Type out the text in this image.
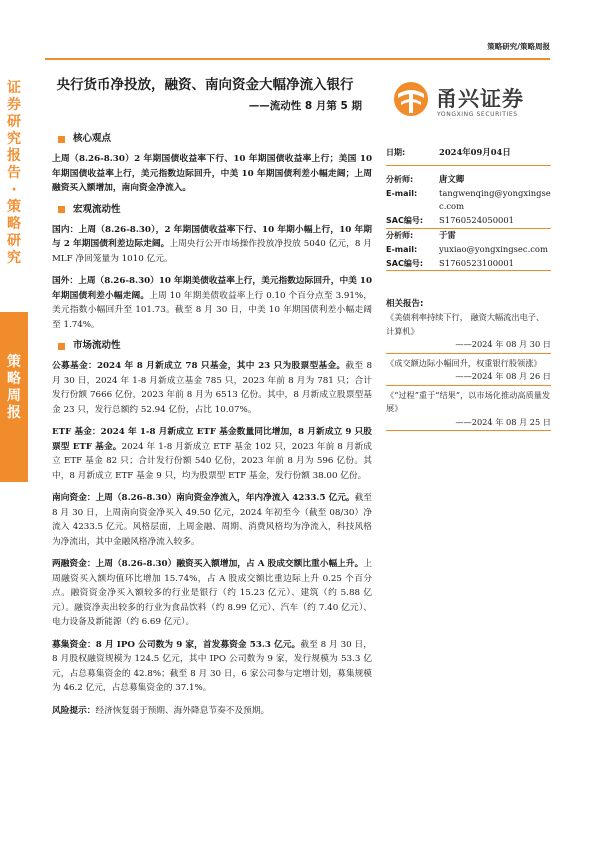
证券研究报告 · 策略研究
策略周报
策略研究/策略周报
央行货币净投放，融资、南向资金大幅净流入银行
——流动性 8 月第 5 期	甬兴证券
YONGXING SECURITIES
核心观点

上周（8.26-8.30）2 年期国债收益率下行、10 年期国债收益率上行；美国 10 年期国债收益率上行，美元指数边际回升，中美 10 年期国债利差小幅走阔；上周融资买入额增加，南向资金净流入。

宏观流动性

国内：上周（8.26-8.30），2 年期国债收益率下行、10 年期小幅上行，10 年期与 2 年期国债利差边际走阔。上周央行公开市场操作投放净投放 5040 亿元，8 月 MLF 净回笼量为 1010 亿元。

国外：上周（8.26-8.30）10 年期美债收益率上行，美元指数边际回升，中美 10 年期国债利差小幅走阔。上周 10 年期美债收益率上行 0.10 个百分点至 3.91%，美元指数小幅回升至 101.73。截至 8 月 30 日，中美 10 年期国债利差小幅走阔至 1.74%。

市场流动性

公募基金：2024 年 8 月新成立 78 只基金，其中 23 只为股票型基金。截至 8 月 30 日，2024 年 1-8 月新成立基金 785 只，2023 年前 8 月为 781 只；合计发行份额 7666 亿份，2023 年前 8 月为 6513 亿份。其中，8 月新成立股票型基金 23 只，发行总额约 52.94 亿份，占比 10.07%。

ETF 基金：2024 年 1-8 月新成立 ETF 基金数量同比增加，8 月新成立 9 只股票型 ETF 基金。2024 年 1-8 月新成立 ETF 基金 102 只，2023 年前 8 月新成立 ETF 基金 82 只；合计发行份额 540 亿份，2023 年前 8 月为 596 亿份。其中，8 月新成立 ETF 基金 9 只，均为股票型 ETF 基金，发行份额 38.00 亿份。

南向资金：上周（8.26-8.30）南向资金净流入，年内净流入 4233.5 亿元。截至 8 月 30 日，上周南向资金净买入 49.50 亿元，2024 年初至今（截至 08/30）净流入 4233.5 亿元。风格层面，上周金融、周期、消费风格均为净流入，科技风格为净流出，其中金融风格净流入较多。

两融资金：上周（8.26-8.30）融资买入额增加，占 A 股成交额比重小幅上升。上周融资买入额均值环比增加 15.74%，占 A 股成交额比重边际上升 0.25 个百分点。融资资金净买入额较多的行业是银行（约 15.23 亿元）、建筑（约 5.88 亿元）。融资净卖出较多的行业为食品饮料（约 8.99 亿元）、汽车（约 7.40 亿元）、电力设备及新能源（约 6.69 亿元）。

募集资金：8 月 IPO 公司数为 9 家，首发募资金 53.3 亿元。截至 8 月 30 日，8 月股权融资规模为 124.5 亿元，其中 IPO 公司数为 9 家，发行规模为 53.3 亿元，占总募集资金的 42.8%；截至 8 月 30 日，6 家公司参与定增计划，募集规模为 46.2 亿元，占总募集资金的 37.1%。

风险提示：经济恢复弱于预期、海外降息节奏不及预期。

日期:	2024年09月04日
分析师:	唐文卿
E-mail:	tangwenqing@yongxingsec.com
SAC编号:	S1760524050001
分析师:	于雷
E-mail:	yuxiao@yongxingsec.com
SAC编号:	S1760523100001
相关报告:
《美债利率持续下行， 融资大幅流出电子、计算机》
——2024 年 08 月 30 日
《成交额边际小幅回升，权重银行股领涨》
——2024 年 08 月 26 日
《“过程”重于“结果”，以市场化推动高质量发展》
——2024 年 08 月 25 日
